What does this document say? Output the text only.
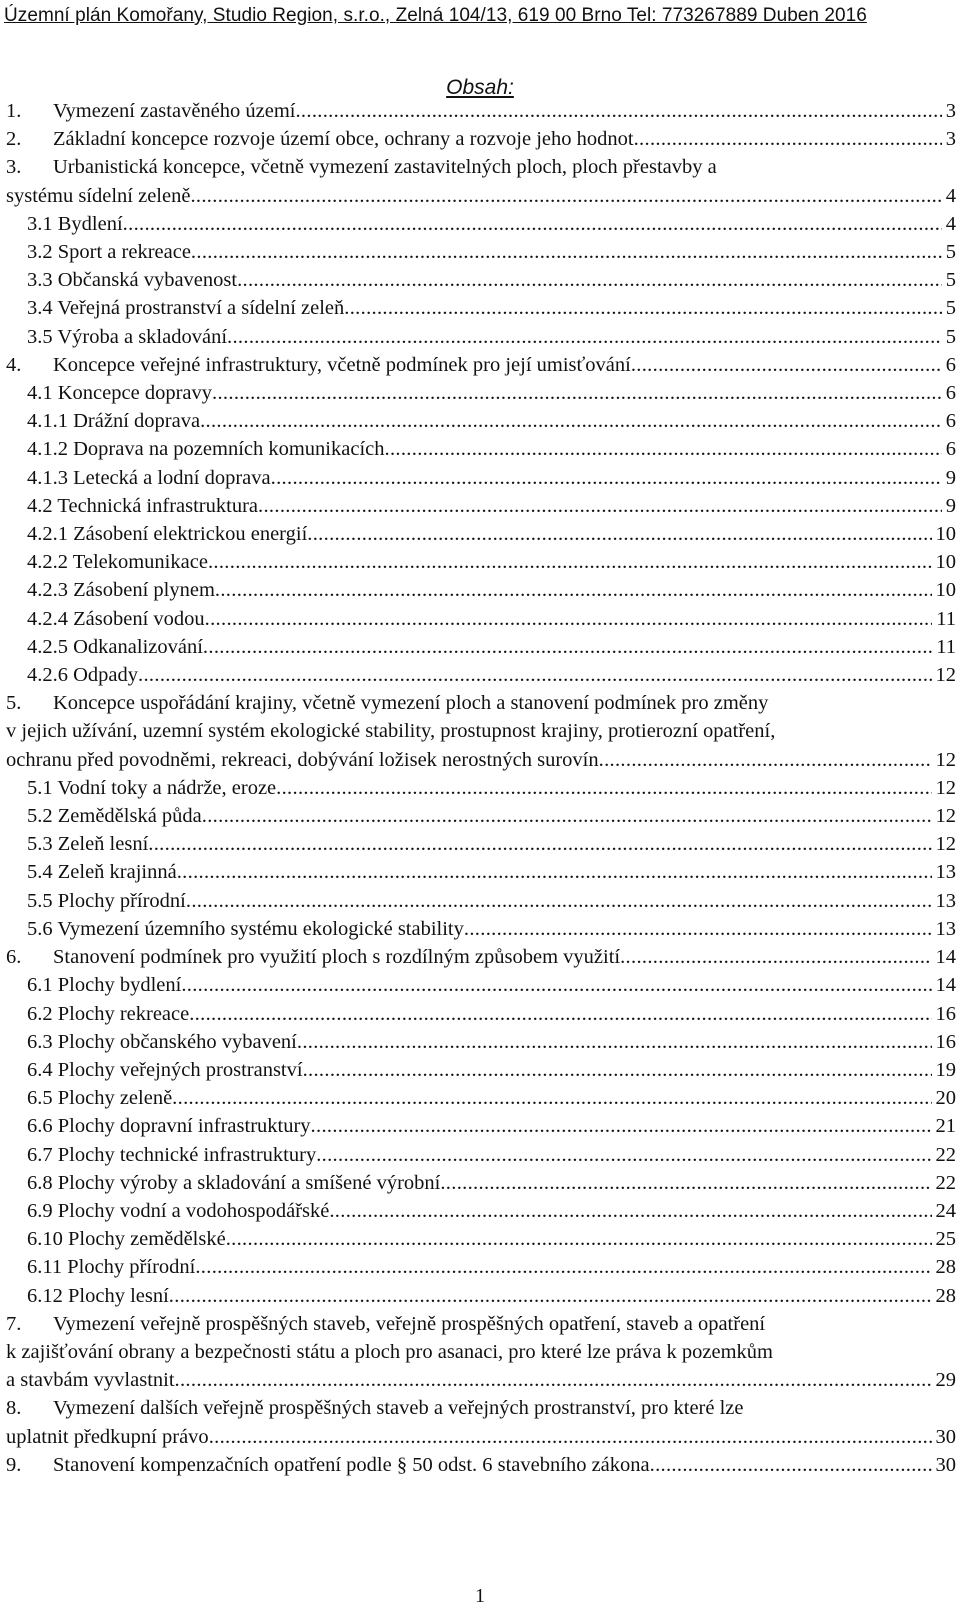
Územní plán Komořany, Studio Region, s.r.o., Zelná 104/13, 619 00 Brno Tel: 773267889 Duben 2016
Obsah:
1.	Vymezení zastavěného území . . .	3
2.	Základní koncepce rozvoje území obce, ochrany a rozvoje jeho hodnot . . .	3
3.	Urbanistická koncepce, včetně vymezení zastavitelných ploch, ploch přestavby a
systému sídelní zeleně . . .	4
3.1 Bydlení . . .	4
3.2 Sport a rekreace . . .	5
3.3 Občanská vybavenost . . .	5
3.4 Veřejná prostranství a sídelní zeleň . . .	5
3.5 Výroba a skladování . . .	5
4.	Koncepce veřejné infrastruktury, včetně podmínek pro její umisťování . . .	6
4.1 Koncepce dopravy . . .	6
4.1.1 Drážní doprava . . .	6
4.1.2 Doprava na pozemních komunikacích . . .	6
4.1.3 Letecká a lodní doprava . . .	9
4.2 Technická infrastruktura . . .	9
4.2.1 Zásobení elektrickou energií . . .	10
4.2.2 Telekomunikace . . .	10
4.2.3 Zásobení plynem . . .	10
4.2.4 Zásobení vodou . . .	11
4.2.5 Odkanalizování . . .	11
4.2.6 Odpady . . .	12
5.	Koncepce uspořádání krajiny, včetně vymezení ploch a stanovení podmínek pro změny
v jejich užívání, uzemní systém ekologické stability, prostupnost krajiny, protierozní opatření,
ochranu před povodněmi, rekreaci, dobývání ložisek nerostných surovín . . .	12
5.1 Vodní toky a nádrže, eroze . . .	12
5.2 Zemědělská půda . . .	12
5.3 Zeleň lesní . . .	12
5.4 Zeleň krajinná . . .	13
5.5 Plochy přírodní . . .	13
5.6 Vymezení územního systému ekologické stability . . .	13
6.	Stanovení podmínek pro využití ploch s rozdílným způsobem využití . . .	14
6.1 Plochy bydlení . . .	14
6.2 Plochy rekreace . . .	16
6.3 Plochy občanského vybavení . . .	16
6.4 Plochy veřejných prostranství . . .	19
6.5 Plochy zeleně . . .	20
6.6 Plochy dopravní infrastruktury . . .	21
6.7 Plochy technické infrastruktury . . .	22
6.8 Plochy výroby a skladování a smíšené výrobní . . .	22
6.9 Plochy vodní a vodohospodářské . . .	24
6.10 Plochy zemědělské . . .	25
6.11 Plochy přírodní . . .	28
6.12 Plochy lesní . . .	28
7.	Vymezení veřejně prospěšných staveb, veřejně prospěšných opatření, staveb a opatření
k zajišťování obrany a bezpečnosti státu a ploch pro asanaci, pro které lze práva k pozemkům
a stavbám vyvlastnit . . .	29
8.	Vymezení dalších veřejně prospěšných staveb a veřejných prostranství, pro které lze
uplatnit předkupní právo . . .	30
9.	Stanovení kompenzačních opatření podle § 50 odst. 6 stavebního zákona . . .	30
1
